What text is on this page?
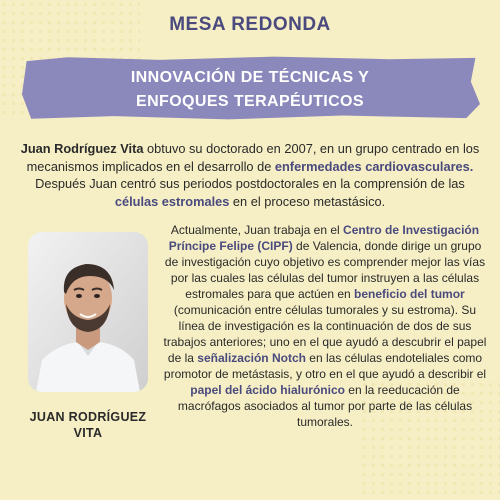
MESA REDONDA
INNOVACIÓN DE TÉCNICAS Y
ENFOQUES TERAPÉUTICOS
Juan Rodríguez Vita obtuvo su doctorado en 2007, en un grupo centrado en los mecanismos implicados en el desarrollo de enfermedades cardiovasculares. Después Juan centró sus periodos postdoctorales en la comprensión de las células estromales en el proceso metastásico.
JUAN RODRÍGUEZ VITA
Actualmente, Juan trabaja en el Centro de Investigación Príncipe Felipe (CIPF) de Valencia, donde dirige un grupo de investigación cuyo objetivo es comprender mejor las vías por las cuales las células del tumor instruyen a las células estromales para que actúen en beneficio del tumor (comunicación entre células tumorales y su estroma). Su línea de investigación es la continuación de dos de sus trabajos anteriores; uno en el que ayudó a descubrir el papel de la señalización Notch en las células endoteliales como promotor de metástasis, y otro en el que ayudó a describir el papel del ácido hialurónico en la reeducación de macrófagos asociados al tumor por parte de las células tumorales.
